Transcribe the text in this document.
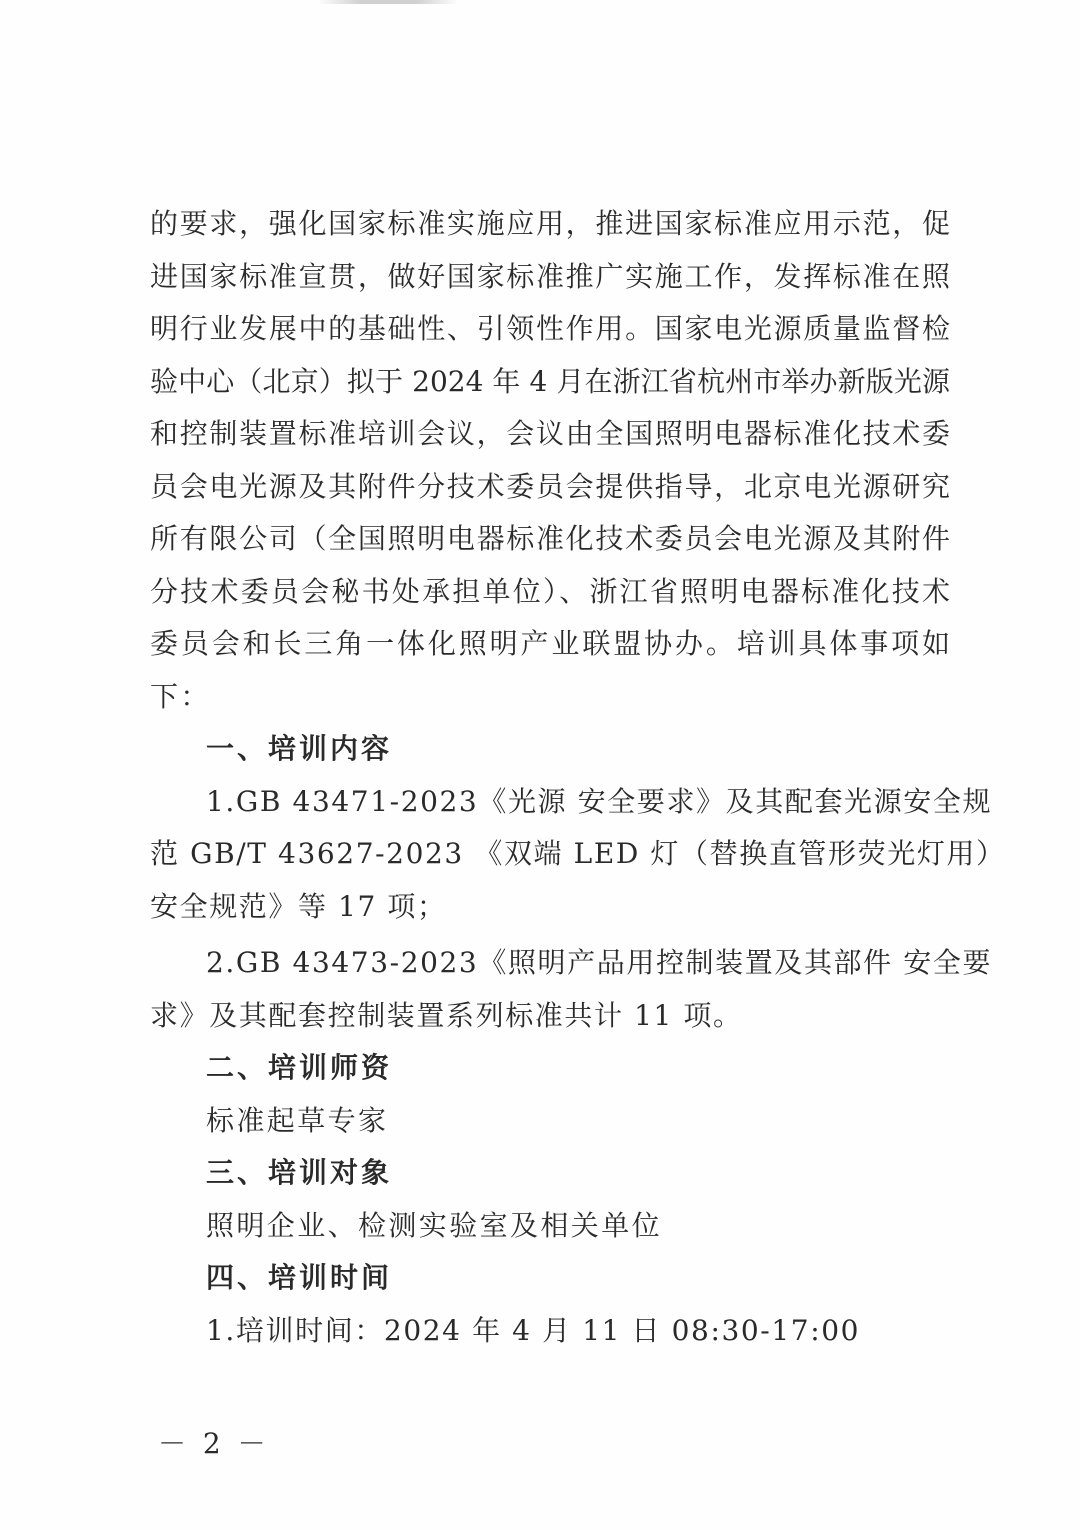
的要求，强化国家标准实施应用，推进国家标准应用示范，促
进国家标准宣贯，做好国家标准推广实施工作，发挥标准在照
明行业发展中的基础性、引领性作用。国家电光源质量监督检
验中心（北京）拟于 2024 年 4 月在浙江省杭州市举办新版光源
和控制装置标准培训会议，会议由全国照明电器标准化技术委
员会电光源及其附件分技术委员会提供指导，北京电光源研究
所有限公司（全国照明电器标准化技术委员会电光源及其附件
分技术委员会秘书处承担单位）、浙江省照明电器标准化技术
委员会和长三角一体化照明产业联盟协办。培训具体事项如
下：
一、培训内容
1.GB 43471-2023《光源 安全要求》及其配套光源安全规
范 GB/T 43627-2023 《双端 LED 灯（替换直管形荧光灯用）
安全规范》等 17 项；
2.GB 43473-2023《照明产品用控制装置及其部件 安全要
求》及其配套控制装置系列标准共计 11 项。
二、培训师资
标准起草专家
三、培训对象
照明企业、检测实验室及相关单位
四、培训时间
1.培训时间：2024 年 4 月 11 日 08:30-17:00
－ 2 －
